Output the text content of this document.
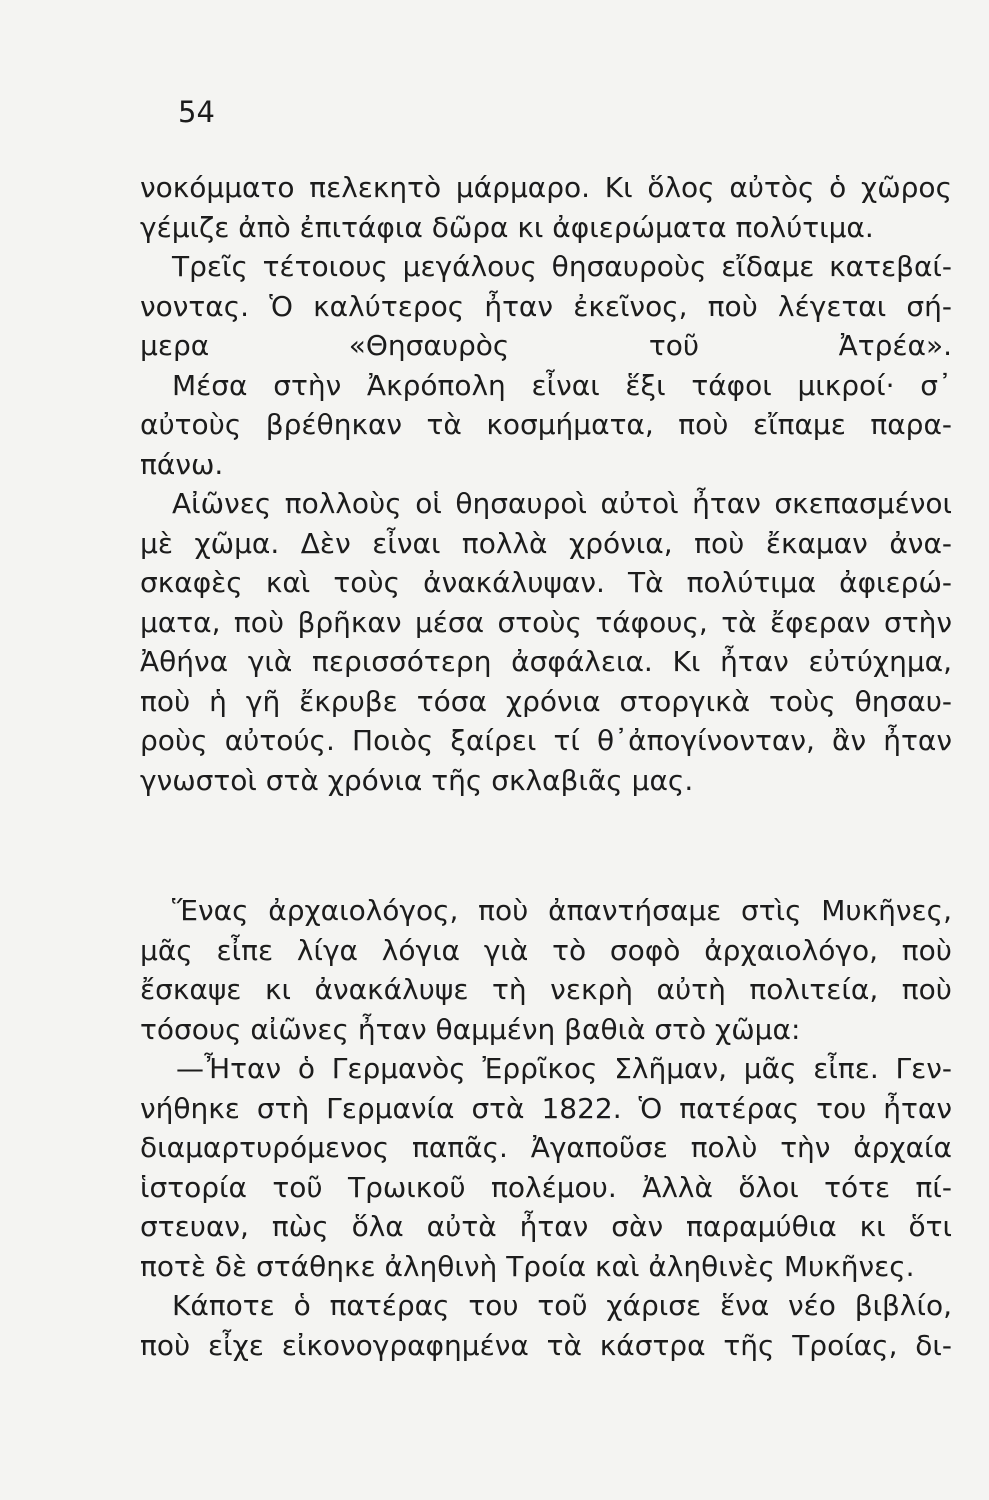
54
νοκόμματο πελεκητὸ μάρμαρο. Κι ὅλος αὐτὸς ὁ χῶρος
γέμιζε ἀπὸ ἐπιτάφια δῶρα κι ἀφιερώματα πολύτιμα.
Τρεῖς τέτοιους μεγάλους θησαυροὺς εἴδαμε κατεβαί-
νοντας. Ὁ καλύτερος ἦταν ἐκεῖνος, ποὺ λέγεται σή-
μερα «Θησαυρὸς τοῦ Ἀτρέα».
Μέσα στὴν Ἀκρόπολη εἶναι ἕξι τάφοι μικροί· σ᾽
αὐτοὺς βρέθηκαν τὰ κοσμήματα, ποὺ εἴπαμε παρα-
πάνω.
Αἰῶνες πολλοὺς οἱ θησαυροὶ αὐτοὶ ἦταν σκεπασμένοι
μὲ χῶμα. Δὲν εἶναι πολλὰ χρόνια, ποὺ ἔκαμαν ἀνα-
σκαφὲς καὶ τοὺς ἀνακάλυψαν. Τὰ πολύτιμα ἀφιερώ-
ματα, ποὺ βρῆκαν μέσα στοὺς τάφους, τὰ ἔφεραν στὴν
Ἀθήνα γιὰ περισσότερη ἀσφάλεια. Κι ἦταν εὐτύχημα,
ποὺ ἡ γῆ ἔκρυβε τόσα χρόνια στοργικὰ τοὺς θησαυ-
ροὺς αὐτούς. Ποιὸς ξαίρει τί θ᾽ἀπογίνονταν, ἂν ἦταν
γνωστοὶ στὰ χρόνια τῆς σκλαβιᾶς μας.
Ἕνας ἀρχαιολόγος, ποὺ ἀπαντήσαμε στὶς Μυκῆνες,
μᾶς εἶπε λίγα λόγια γιὰ τὸ σοφὸ ἀρχαιολόγο, ποὺ
ἔσκαψε κι ἀνακάλυψε τὴ νεκρὴ αὐτὴ πολιτεία, ποὺ
τόσους αἰῶνες ἦταν θαμμένη βαθιὰ στὸ χῶμα:
—Ἦταν ὁ Γερμανὸς Ἐρρῖκος Σλῆμαν, μᾶς εἶπε. Γεν-
νήθηκε στὴ Γερμανία στὰ 1822. Ὁ πατέρας του ἦταν
διαμαρτυρόμενος παπᾶς. Ἀγαποῦσε πολὺ τὴν ἀρχαία
ἱστορία τοῦ Τρωικοῦ πολέμου. Ἀλλὰ ὅλοι τότε πί-
στευαν, πὼς ὅλα αὐτὰ ἦταν σὰν παραμύθια κι ὅτι
ποτὲ δὲ στάθηκε ἀληθινὴ Τροία καὶ ἀληθινὲς Μυκῆνες.
Κάποτε ὁ πατέρας του τοῦ χάρισε ἕνα νέο βιβλίο,
ποὺ εἶχε εἰκονογραφημένα τὰ κάστρα τῆς Τροίας, δι-
